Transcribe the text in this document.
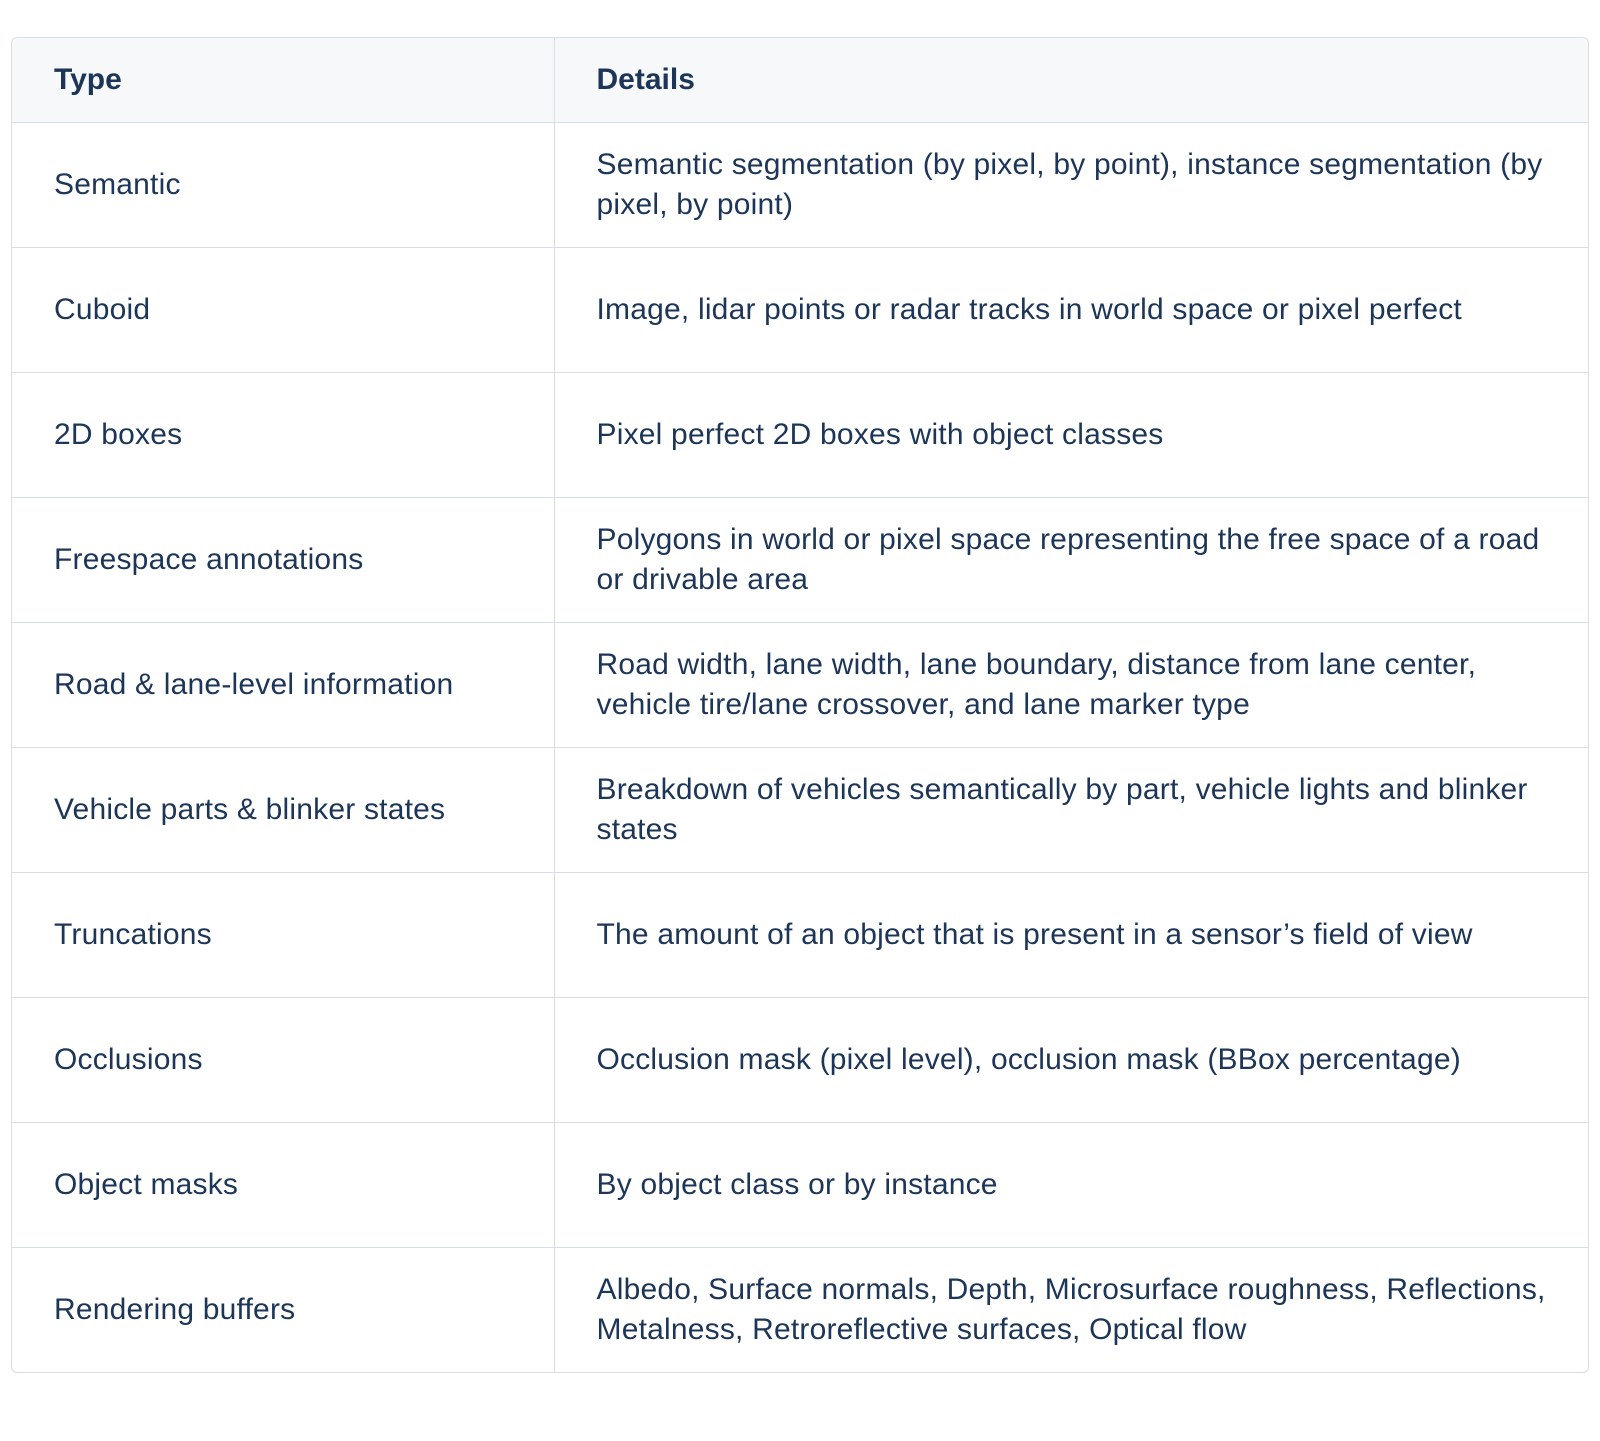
Type	Details
Semantic	Semantic segmentation (by pixel, by point), instance segmentation (by pixel, by point)
Cuboid	Image, lidar points or radar tracks in world space or pixel perfect
2D boxes	Pixel perfect 2D boxes with object classes
Freespace annotations	Polygons in world or pixel space representing the free space of a road or drivable area
Road & lane-level information	Road width, lane width, lane boundary, distance from lane center, vehicle tire/lane crossover, and lane marker type
Vehicle parts & blinker states	Breakdown of vehicles semantically by part, vehicle lights and blinker states
Truncations	The amount of an object that is present in a sensor’s field of view
Occlusions	Occlusion mask (pixel level), occlusion mask (BBox percentage)
Object masks	By object class or by instance
Rendering buffers	Albedo, Surface normals, Depth, Microsurface roughness, Reflections, Metalness, Retroreflective surfaces, Optical flow
